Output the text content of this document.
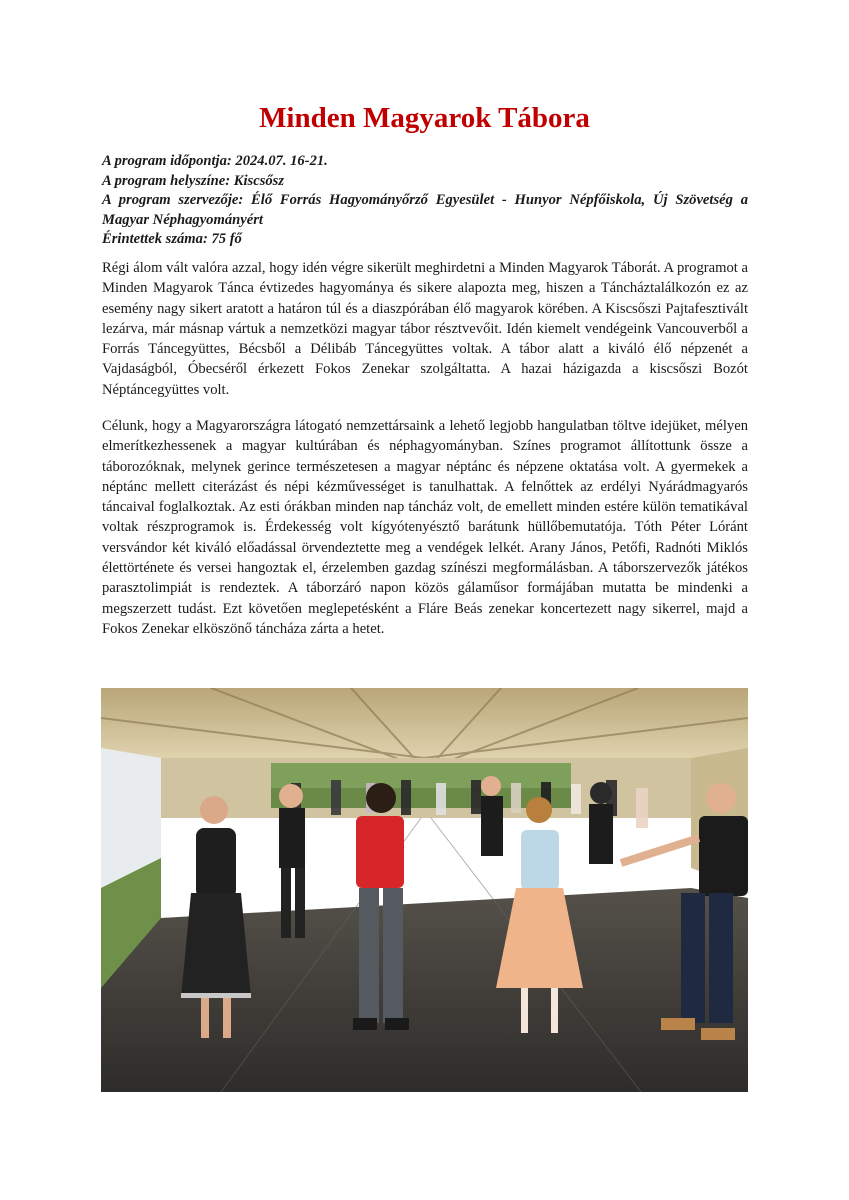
Minden Magyarok Tábora
A program időpontja: 2024.07. 16-21.
A program helyszíne: Kiscsősz
A program szervezője: Élő Forrás Hagyományőrző Egyesület - Hunyor Népfőiskola, Új Szövetség a Magyar Néphagyományért
Érintettek száma: 75 fő

Régi álom vált valóra azzal, hogy idén végre sikerült meghirdetni a Minden Magyarok Táborát. A programot a Minden Magyarok Tánca évtizedes hagyománya és sikere alapozta meg, hiszen a Táncháztalálkozón ez az esemény nagy sikert aratott a határon túl és a diaszpórában élő magyarok körében. A Kiscsőszi Pajtafesztivált lezárva, már másnap vártuk a nemzetközi magyar tábor résztvevőit. Idén kiemelt vendégeink Vancouverből a Forrás Táncegyüttes, Bécsből a Délibáb Táncegyüttes voltak. A tábor alatt a kiváló élő népzenét a Vajdaságból, Óbecséről érkezett Fokos Zenekar szolgáltatta. A hazai házigazda a kiscsőszi Bozót Néptáncegyüttes volt.

Célunk, hogy a Magyarországra látogató nemzettársaink a lehető legjobb hangulatban töltve idejüket, mélyen elmerítkezhessenek a magyar kultúrában és néphagyományban. Színes programot állítottunk össze a táborozóknak, melynek gerince természetesen a magyar néptánc és népzene oktatása volt. A gyermekek a néptánc mellett citerázást és népi kézművességet is tanulhattak. A felnőttek az erdélyi Nyárádmagyarós táncaival foglalkoztak. Az esti órákban minden nap táncház volt, de emellett minden estére külön tematikával voltak részprogramok is. Érdekesség volt kígyótenyésztő barátunk hüllőbemutatója. Tóth Péter Lóránt versvándor két kiváló előadással örvendeztette meg a vendégek lelkét. Arany János, Petőfi, Radnóti Miklós élettörténete és versei hangoztak el, érzelemben gazdag színészi megformálásban. A táborszervezők játékos parasztolimpiát is rendeztek. A táborzáró napon közös gálaműsor formájában mutatta be mindenki a megszerzett tudást. Ezt követően meglepetésként a Fláre Beás zenekar koncertezett nagy sikerrel, majd a Fokos Zenekar elköszönő táncháza zárta a hetet.
